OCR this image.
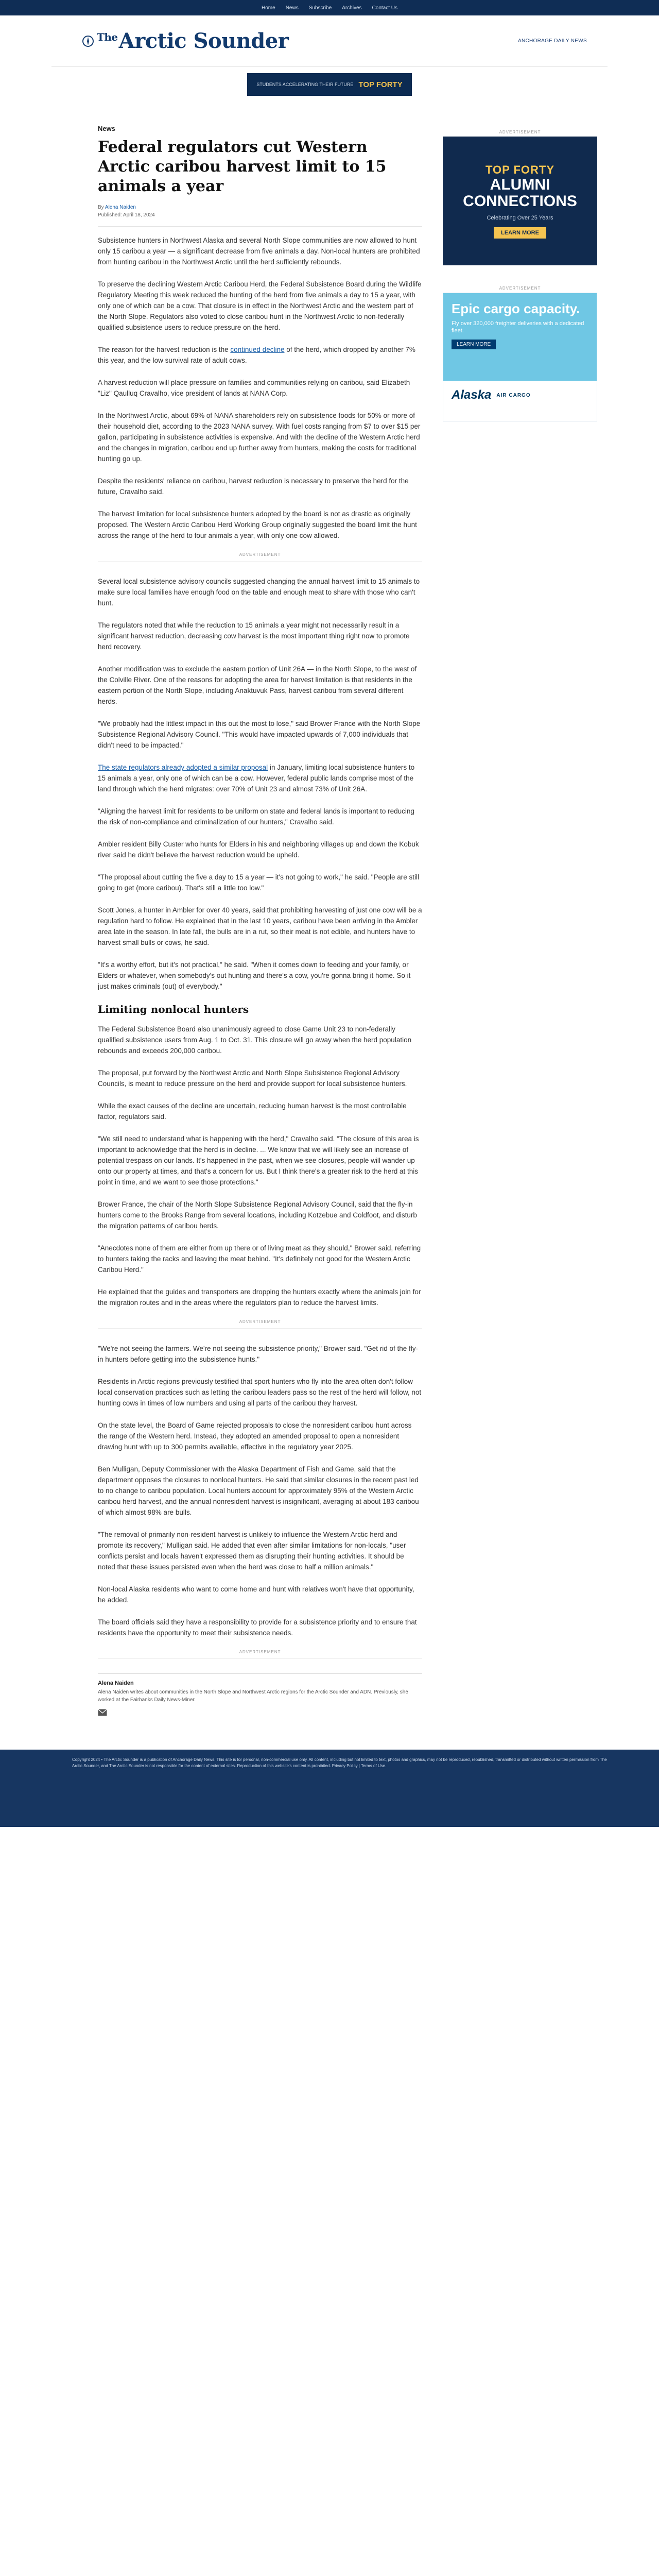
Home News Subscribe Archives Contact Us
$^{The}$Arctic Sounder	ANCHORAGE DAILY NEWS
STUDENTS ACCELERATING THEIR FUTURE TOP FORTY
News
Federal regulators cut Western Arctic caribou harvest limit to 15 animals a year
By Alena Naiden
Published: April 18, 2024

Subsistence hunters in Northwest Alaska and several North Slope communities are now allowed to hunt only 15 caribou a year — a significant decrease from five animals a day. Non-local hunters are prohibited from hunting caribou in the Northwest Arctic until the herd sufficiently rebounds.

To preserve the declining Western Arctic Caribou Herd, the Federal Subsistence Board during the Wildlife Regulatory Meeting this week reduced the hunting of the herd from five animals a day to 15 a year, with only one of which can be a cow. That closure is in effect in the Northwest Arctic and the western part of the North Slope. Regulators also voted to close caribou hunt in the Northwest Arctic to non-federally qualified subsistence users to reduce pressure on the herd.

The reason for the harvest reduction is the continued decline of the herd, which dropped by another 7% this year, and the low survival rate of adult cows.

A harvest reduction will place pressure on families and communities relying on caribou, said Elizabeth "Liz" Qaulluq Cravalho, vice president of lands at NANA Corp.

In the Northwest Arctic, about 69% of NANA shareholders rely on subsistence foods for 50% or more of their household diet, according to the 2023 NANA survey. With fuel costs ranging from $7 to over $15 per gallon, participating in subsistence activities is expensive. And with the decline of the Western Arctic herd and the changes in migration, caribou end up further away from hunters, making the costs for traditional hunting go up.

Despite the residents' reliance on caribou, harvest reduction is necessary to preserve the herd for the future, Cravalho said.

The harvest limitation for local subsistence hunters adopted by the board is not as drastic as originally proposed. The Western Arctic Caribou Herd Working Group originally suggested the board limit the hunt across the range of the herd to four animals a year, with only one cow allowed.

ADVERTISEMENT

Several local subsistence advisory councils suggested changing the annual harvest limit to 15 animals to make sure local families have enough food on the table and enough meat to share with those who can't hunt.

The regulators noted that while the reduction to 15 animals a year might not necessarily result in a significant harvest reduction, decreasing cow harvest is the most important thing right now to promote herd recovery.

Another modification was to exclude the eastern portion of Unit 26A — in the North Slope, to the west of the Colville River. One of the reasons for adopting the area for harvest limitation is that residents in the eastern portion of the North Slope, including Anaktuvuk Pass, harvest caribou from several different herds.

"We probably had the littlest impact in this out the most to lose," said Brower France with the North Slope Subsistence Regional Advisory Council. "This would have impacted upwards of 7,000 individuals that didn't need to be impacted."

The state regulators already adopted a similar proposal in January, limiting local subsistence hunters to 15 animals a year, only one of which can be a cow. However, federal public lands comprise most of the land through which the herd migrates: over 70% of Unit 23 and almost 73% of Unit 26A.

"Aligning the harvest limit for residents to be uniform on state and federal lands is important to reducing the risk of non-compliance and criminalization of our hunters," Cravalho said.

Ambler resident Billy Custer who hunts for Elders in his and neighboring villages up and down the Kobuk river said he didn't believe the harvest reduction would be upheld.

"The proposal about cutting the five a day to 15 a year — it's not going to work," he said. "People are still going to get (more caribou). That's still a little too low."

Scott Jones, a hunter in Ambler for over 40 years, said that prohibiting harvesting of just one cow will be a regulation hard to follow. He explained that in the last 10 years, caribou have been arriving in the Ambler area late in the season. In late fall, the bulls are in a rut, so their meat is not edible, and hunters have to harvest small bulls or cows, he said.

"It's a worthy effort, but it's not practical," he said. "When it comes down to feeding and your family, or Elders or whatever, when somebody's out hunting and there's a cow, you're gonna bring it home. So it just makes criminals (out) of everybody."

Limiting nonlocal hunters

The Federal Subsistence Board also unanimously agreed to close Game Unit 23 to non-federally qualified subsistence users from Aug. 1 to Oct. 31. This closure will go away when the herd population rebounds and exceeds 200,000 caribou.

The proposal, put forward by the Northwest Arctic and North Slope Subsistence Regional Advisory Councils, is meant to reduce pressure on the herd and provide support for local subsistence hunters.

While the exact causes of the decline are uncertain, reducing human harvest is the most controllable factor, regulators said.

"We still need to understand what is happening with the herd," Cravalho said. "The closure of this area is important to acknowledge that the herd is in decline. ... We know that we will likely see an increase of potential trespass on our lands. It's happened in the past, when we see closures, people will wander up onto our property at times, and that's a concern for us. But I think there's a greater risk to the herd at this point in time, and we want to see those protections."

Brower France, the chair of the North Slope Subsistence Regional Advisory Council, said that the fly-in hunters come to the Brooks Range from several locations, including Kotzebue and Coldfoot, and disturb the migration patterns of caribou herds.

"Anecdotes none of them are either from up there or of living meat as they should," Brower said, referring to hunters taking the racks and leaving the meat behind. "It's definitely not good for the Western Arctic Caribou Herd."

He explained that the guides and transporters are dropping the hunters exactly where the animals join for the migration routes and in the areas where the regulators plan to reduce the harvest limits.

ADVERTISEMENT

"We're not seeing the farmers. We're not seeing the subsistence priority," Brower said. "Get rid of the fly-in hunters before getting into the subsistence hunts."

Residents in Arctic regions previously testified that sport hunters who fly into the area often don't follow local conservation practices such as letting the caribou leaders pass so the rest of the herd will follow, not hunting cows in times of low numbers and using all parts of the caribou they harvest.

On the state level, the Board of Game rejected proposals to close the nonresident caribou hunt across the range of the Western herd. Instead, they adopted an amended proposal to open a nonresident drawing hunt with up to 300 permits available, effective in the regulatory year 2025.

Ben Mulligan, Deputy Commissioner with the Alaska Department of Fish and Game, said that the department opposes the closures to nonlocal hunters. He said that similar closures in the recent past led to no change to caribou population. Local hunters account for approximately 95% of the Western Arctic caribou herd harvest, and the annual nonresident harvest is insignificant, averaging at about 183 caribou of which almost 98% are bulls.

"The removal of primarily non-resident harvest is unlikely to influence the Western Arctic herd and promote its recovery," Mulligan said. He added that even after similar limitations for non-locals, "user conflicts persist and locals haven't expressed them as disrupting their hunting activities. It should be noted that these issues persisted even when the herd was close to half a million animals."

Non-local Alaska residents who want to come home and hunt with relatives won't have that opportunity, he added.

The board officials said they have a responsibility to provide for a subsistence priority and to ensure that residents have the opportunity to meet their subsistence needs.

ADVERTISEMENT
Alena Naiden
Alena Naiden writes about communities in the North Slope and Northwest Arctic regions for the Arctic Sounder and ADN. Previously, she worked at the Fairbanks Daily News-Miner.
ADVERTISEMENT
TOP FORTY
ALUMNI CONNECTIONS
Celebrating Over 25 Years
LEARN MORE
ADVERTISEMENT
Epic cargo capacity.
Fly over 320,000 freighter deliveries with a dedicated fleet.
LEARN MORE
Alaska AIR CARGO

Copyright 2024 • The Arctic Sounder is a publication of Anchorage Daily News. This site is for personal, non-commercial use only. All content, including but not limited to text, photos and graphics, may not be reproduced, republished, transmitted or distributed without written permission from The Arctic Sounder, and The Arctic Sounder is not responsible for the content of external sites. Reproduction of this website's content is prohibited. Privacy Policy | Terms of Use.
